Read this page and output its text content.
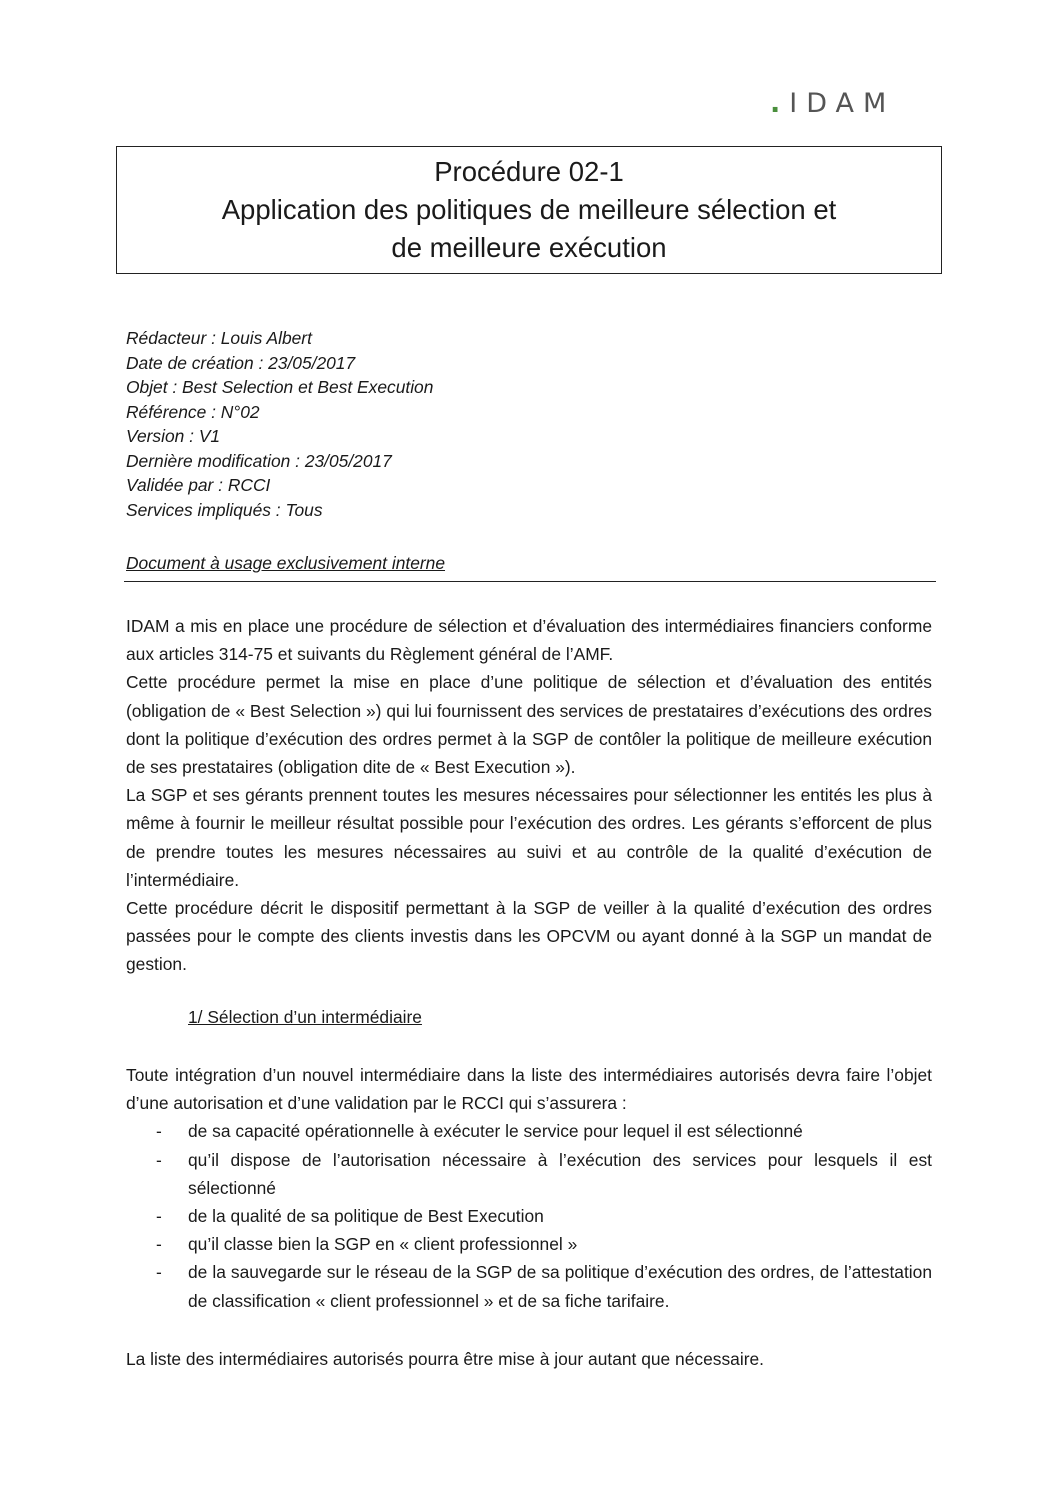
.IDAM
Procédure 02-1
Application des politiques de meilleure sélection et
de meilleure exécution
Rédacteur : Louis Albert
Date de création : 23/05/2017
Objet : Best Selection et Best Execution
Référence : N°02
Version : V1
Dernière modification : 23/05/2017
Validée par : RCCI
Services impliqués : Tous
Document à usage exclusivement interne
IDAM a mis en place une procédure de sélection et d’évaluation des intermédiaires financiers conforme aux articles 314-75 et suivants du Règlement général de l’AMF.
Cette procédure permet la mise en place d’une politique de sélection et d’évaluation des entités (obligation de « Best Selection ») qui lui fournissent des services de prestataires d’exécutions des ordres dont la politique d’exécution des ordres permet à la SGP de contôler la politique de meilleure exécution de ses prestataires (obligation dite de « Best Execution »).
La SGP et ses gérants prennent toutes les mesures nécessaires pour sélectionner les entités les plus à même à fournir le meilleur résultat possible pour l’exécution des ordres. Les gérants s’efforcent de plus de prendre toutes les mesures nécessaires au suivi et au contrôle de la qualité d’exécution de l’intermédiaire.
Cette procédure décrit le dispositif permettant à la SGP de veiller à la qualité d’exécution des ordres passées pour le compte des clients investis dans les OPCVM ou ayant donné à la SGP un mandat de gestion.
1/ Sélection d’un intermédiaire
Toute intégration d’un nouvel intermédiaire dans la liste des intermédiaires autorisés devra faire l’objet d’une autorisation et d’une validation par le RCCI qui s’assurera :
- de sa capacité opérationnelle à exécuter le service pour lequel il est sélectionné
- qu’il dispose de l’autorisation nécessaire à l’exécution des services pour lesquels il est sélectionné
- de la qualité de sa politique de Best Execution
- qu’il classe bien la SGP en « client professionnel »
- de la sauvegarde sur le réseau de la SGP de sa politique d’exécution des ordres, de l’attestation de classification « client professionnel » et de sa fiche tarifaire.
La liste des intermédiaires autorisés pourra être mise à jour autant que nécessaire.
